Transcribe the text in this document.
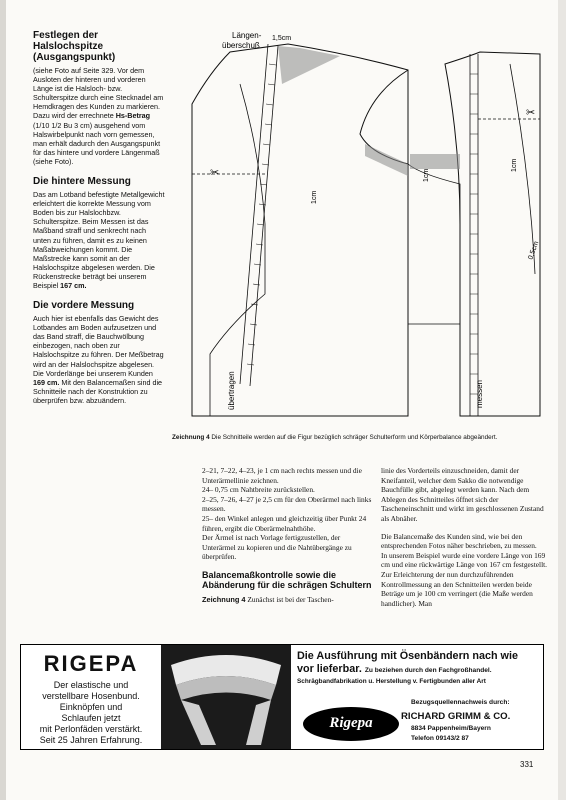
Festlegen der Halslochspitze (Ausgangspunkt)

(siehe Foto auf Seite 329. Vor dem Ausloten der hinteren und vorderen Länge ist die Halsloch- bzw. Schulterspitze durch eine Stecknadel am Hemdkragen des Kunden zu markieren. Dazu wird der errechnete Hs-Betrag (1/10 1/2 Bu 3 cm) ausgehend vom Halswirbelpunkt nach vorn gemessen, man erhält dadurch den Ausgangspunkt für das hintere und vordere Längenmaß (siehe Foto).

Die hintere Messung

Das am Lotband befestigte Metallgewicht erleichtert die korrekte Messung vom Boden bis zur Halslochbzw. Schulterspitze. Beim Messen ist das Maßband straff und senkrecht nach unten zu führen, damit es zu keinen Maßabweichungen kommt. Die Maßstrecke kann somit an der Halslochspitze abgelesen werden. Die Rückenstrecke beträgt bei unserem Beispiel 167 cm.

Die vordere Messung

Auch hier ist ebenfalls das Gewicht des Lotbandes am Boden aufzusetzen und das Band straff, die Bauchwölbung einbezogen, nach oben zur Halslochspitze zu führen. Der Meßbetrag wird an der Halslochspitze abgelesen. Die Vorderlänge bei unserem Kunden 169 cm. Mit den Balancemaßen sind die Schnitteile nach der Konstruktion zu überprüfen bzw. abzuändern.

✂
✂
Längen-
überschuß
1,5cm
1cm
1cm
1cm
0,5cm
übertragen	messen
Zeichnung 4 Die Schnitteile werden auf die Figur bezüglich schräger Schulterform und Körperbalance abgeändert.

2–21, 7–22, 4–23, je 1 cm nach rechts messen und die Unterärmellinie zeichnen.

24– 0,75 cm Nahtbreite zurückstellen.

2–25, 7–26, 4–27 je 2,5 cm für den Oberärmel nach links messen.

25– den Winkel anlegen und gleichzeitig über Punkt 24 führen, ergibt die Oberärmelnahthöhe.

Der Ärmel ist nach Vorlage fertigzustellen, der Unterärmel zu kopieren und die Nahtübergänge zu überprüfen.

Balancemaßkontrolle sowie die Abänderung für die schrägen Schultern

Zeichnung 4 Zunächst ist bei der Taschen-

linie des Vorderteils einzuschneiden, damit der Kneifanteil, welcher dem Sakko die notwendige Bauchfülle gibt, abgelegt werden kann. Nach dem Ablegen des Schnitteiles öffnet sich der Tascheneinschnitt und wirkt im geschlossenen Zustand als Abnäher.

Die Balancemaße des Kunden sind, wie bei den entsprechenden Fotos näher beschrieben, zu messen.

In unserem Beispiel wurde eine vordere Länge von 169 cm und eine rückwärtige Länge von 167 cm festgestellt.

Zur Erleichterung der nun durchzuführenden Kontrollmessung an den Schnitteilen werden beide Beträge um je 100 cm verringert (die Maße werden handlicher). Man

RIGEPA
Der elastische und
verstellbare Hosenbund.
Einknöpfen und
Schlaufen jetzt
mit Perlonfäden verstärkt.
Seit 25 Jahren Erfahrung.
Die Ausführung mit Ösenbändern nach wie
vor lieferbar. Zu beziehen durch den Fachgroßhandel.
Schrägbandfabrikation u. Herstellung v. Fertigbunden aller Art
Rigepa
Bezugsquellennachweis durch:
RICHARD GRIMM & CO.
8834 Pappenheim/Bayern
Telefon 09143/2 87
331
